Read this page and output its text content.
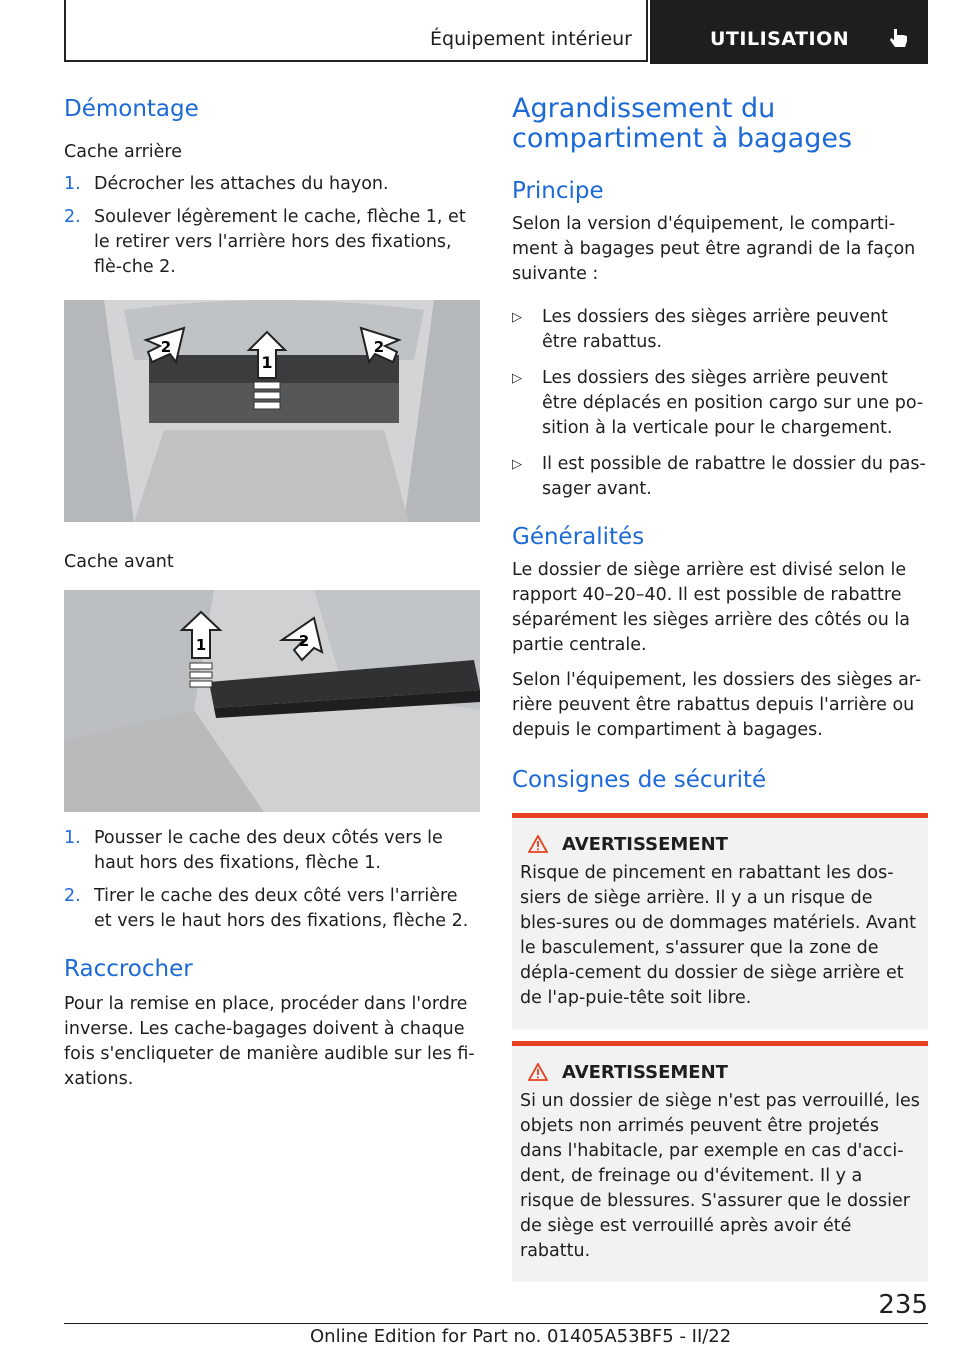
Équipement intérieur	UTILISATION
Démontage
Cache arrière
1. Décrocher les attaches du hayon.
2. Soulever légèrement le cache, flèche 1, et le retirer vers l'arrière hors des fixations, flè-che 2.
1
2	2
Cache avant
1	2
1. Pousser le cache des deux côtés vers le haut hors des fixations, flèche 1.
2. Tirer le cache des deux côté vers l'arrière et vers le haut hors des fixations, flèche 2.
Raccrocher

Pour la remise en place, procéder dans l'ordre inverse. Les cache-bagages doivent à chaque fois s'encliqueter de manière audible sur les fi-xations.

Agrandissement du compartiment à bagages
Principe

Selon la version d'équipement, le comparti-ment à bagages peut être agrandi de la façon suivante :

▷ Les dossiers des sièges arrière peuvent être rabattus.
▷ Les dossiers des sièges arrière peuvent être déplacés en position cargo sur une po-sition à la verticale pour le chargement.
▷ Il est possible de rabattre le dossier du pas-sager avant.
Généralités

Le dossier de siège arrière est divisé selon le rapport 40–20–40. Il est possible de rabattre séparément les sièges arrière des côtés ou la partie centrale.

Selon l'équipement, les dossiers des sièges ar-rière peuvent être rabattus depuis l'arrière ou depuis le compartiment à bagages.

Consignes de sécurité
AVERTISSEMENT

Risque de pincement en rabattant les dos-siers de siège arrière. Il y a un risque de bles-sures ou de dommages matériels. Avant le basculement, s'assurer que la zone de dépla-cement du dossier de siège arrière et de l'ap-puie-tête soit libre.

AVERTISSEMENT

Si un dossier de siège n'est pas verrouillé, les objets non arrimés peuvent être projetés dans l'habitacle, par exemple en cas d'acci-dent, de freinage ou d'évitement. Il y a risque de blessures. S'assurer que le dossier de siège est verrouillé après avoir été rabattu.

235
Online Edition for Part no. 01405A53BF5 - II/22
